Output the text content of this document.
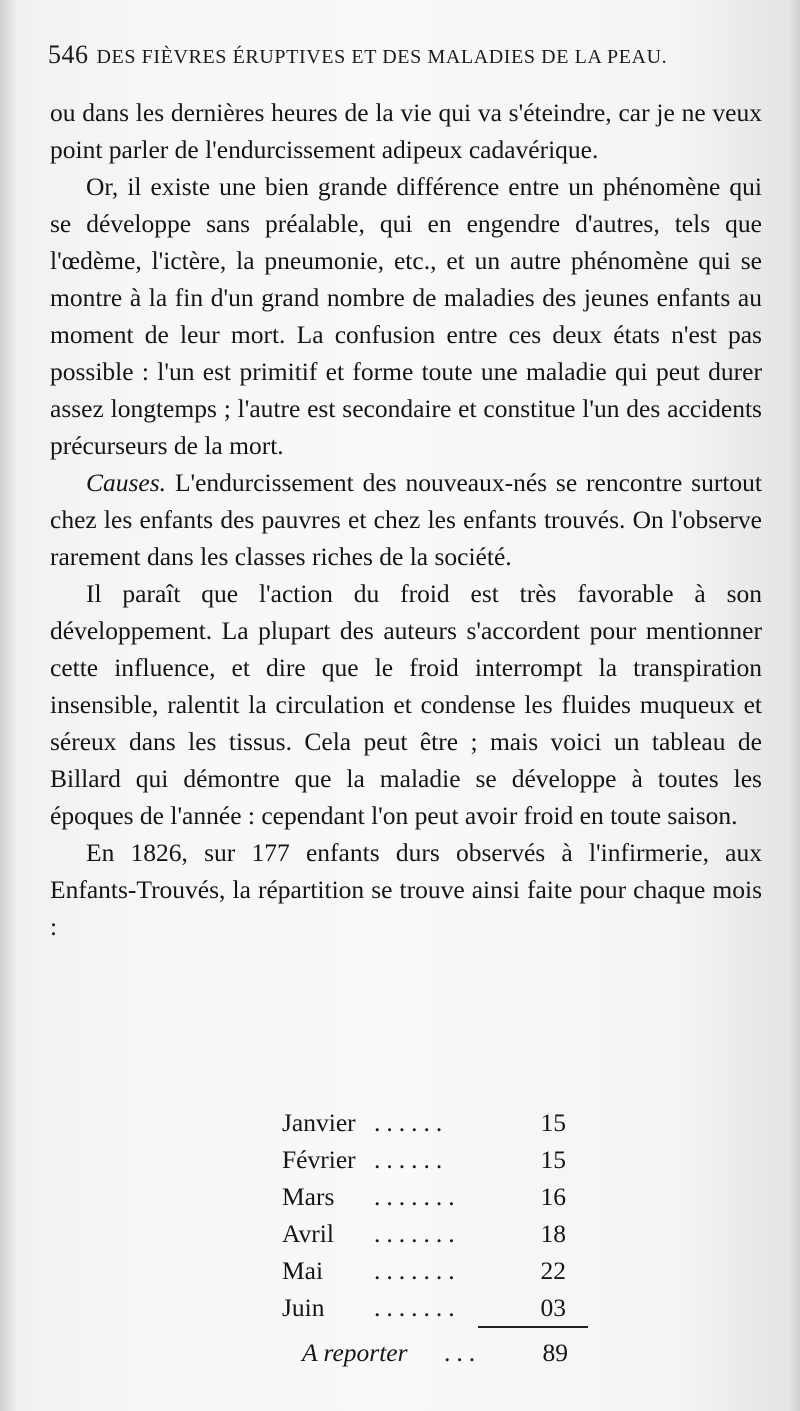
546 DES FIÈVRES ÉRUPTIVES ET DES MALADIES DE LA PEAU.

ou dans les dernières heures de la vie qui va s'éteindre, car je ne veux point parler de l'endurcissement adipeux cadavérique.

Or, il existe une bien grande différence entre un phénomène qui se développe sans préalable, qui en engendre d'autres, tels que l'œdème, l'ictère, la pneumonie, etc., et un autre phénomène qui se montre à la fin d'un grand nombre de maladies des jeunes enfants au moment de leur mort. La confusion entre ces deux états n'est pas possible : l'un est primitif et forme toute une maladie qui peut durer assez longtemps ; l'autre est secondaire et constitue l'un des accidents précurseurs de la mort.

Causes. L'endurcissement des nouveaux-nés se rencontre surtout chez les enfants des pauvres et chez les enfants trouvés. On l'observe rarement dans les classes riches de la société.

Il paraît que l'action du froid est très favorable à son développement. La plupart des auteurs s'accordent pour mentionner cette influence, et dire que le froid interrompt la transpiration insensible, ralentit la circulation et condense les fluides muqueux et séreux dans les tissus. Cela peut être ; mais voici un tableau de Billard qui démontre que la maladie se développe à toutes les époques de l'année : cependant l'on peut avoir froid en toute saison.

En 1826, sur 177 enfants durs observés à l'infirmerie, aux Enfants-Trouvés, la répartition se trouve ainsi faite pour chaque mois :

Janvier ......	15
Février ......	15
Mars .......	16
Avril .......	18
Mai .......	22
Juin .......	03
A reporter ... 89
